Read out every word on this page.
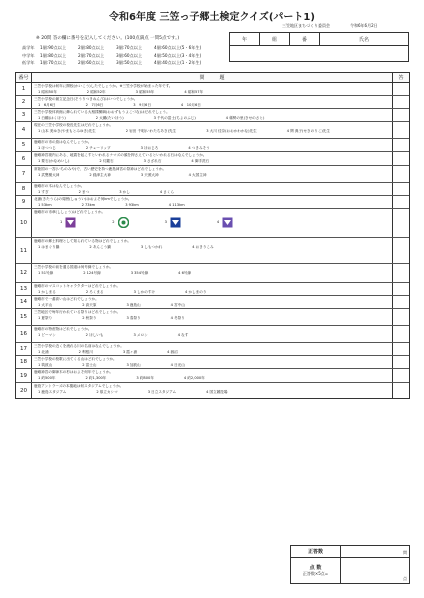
令和6年度 三笠っ子郷土検定クイズ(パート1)
三笠地区まちづくり委員会	令和6年6月2日
※ 20問 答の欄に番号を記入してください。(100点満点 一問5点です。)
高学年	1個:90点以上	2個:80点以上	3個:70点以上	4個:60点以上(5・6年生)
中学年	1個:80点以上	2個:70点以上	3個:60点以上	4個:50点以上(3・4年生)
低学年	1個:70点以上	2個:60点以上	3個:50点以上	4個:40点以上(1・2年生)
年	組	番	氏名
番号	問　　　題	答
1	三笠小学校は何年に開校(かいこう)したでしょうか。※三笠小学校が始まった年です。
1 昭和50年	2 昭和52年	3 昭和55年	4 昭和57年
2	三笠小学校の創立記念日(そうりつきねんび)はいつでしょうか。
1　6月6日	2　7月6日	3　9月6日	4　10月6日
3	三笠小学校体育館に飾られている大相撲横綱(おおずもうよこづな)はだれでしょう。
1 白鵬(はくほう)	2 大鵬(たいほう)	3 千代の富士(ちよのふじ)	4 稀勢の里(きせのさと)
4
現在の三笠小学校の校長先生はだれでしょうか。
1 山本 美ゆき(やまもとみゆき)先生	2 岩田 千明(いわたちあき)先生	3 大川 佳奈(おおかわかな)先生	4 関 典子(せきのりこ)先生
5	鹿嶋市の市の鳥はなんでしょうか。
1 ほつつじ	2 チューリップ	3 ほおじろ	4 つきみそう
6
鹿嶋神宮境内にある、地震を起こすといわれるナマズの頭を押さえているといわれる石はなんでしょうか。
1 要石(かなめいし)	2 灯籠石	3 さざれ石	4 御手洗石
7
常陸国の一宮(いちのみや)で、古い歴史を持つ鹿島神宮の祭神はどれでしょうか。
1 武甕槌大神	2 経津主大神	3 天照大神	4 大国主神
8	鹿嶋市の木はなんでしょうか。
1 すぎ	2 まつ	3 かし	4 さくら
9	北浦(きたうら)の周囲(しゅうい)はおよそ何kmでしょうか。
1 53km	2 73km	3 93km	4 113km
10
鹿嶋市の市章(ししょう)はどれでしょうか。
1	2	3	4
11
鹿嶋市の郷土料理として知られている物はどれでしょうか。
1 はまぐり鍋	2 あんこう鍋	3 しもつかれ	4 おきりこみ
12
三笠小学校の前を通る国道は何号線でしょうか。
1 51号線	2 124号線	3 354号線	4 6号線
13	鹿嶋市のマスコットキャラクターはどれでしょうか。
1 かしまる	2 ろくまる	3 しかのすけ	4 かしまのり
14	鹿嶋市で一番高い山はどれでしょうか。
1 大平山	2 高天原	3 鹿島山	4 宮中山
15
三笠地区で毎年行われている祭りはどれでしょうか。
1 夏祭り	2 秋祭り	3 春祭り	4 冬祭り
16
鹿嶋市の特産物はどれでしょうか。
1 ピーマン	2 ほしいも	3 メロン	4 なす
17	三笠小学校の近くを流れる川の名前はなんでしょうか。
1 北浦	2 利根川	3 霞ヶ浦	4 涸沼
18	三笠小学校の校歌に出てくる山はどれでしょうか。
1 筑波山	2 富士山	3 加波山	4 日光山
19
鹿嶋神宮の御神木の杉はおよそ何年でしょうか。
1 約500年	2 約1,300年	3 約800年	4 約2,000年
20
鹿島アントラーズの本拠地は何スタジアムでしょうか。
1 鹿島スタジアム	2 県立カシマ	3 日立スタジアム	4 国立競技場
正答数	問
点 数
正答数×5点=
点
